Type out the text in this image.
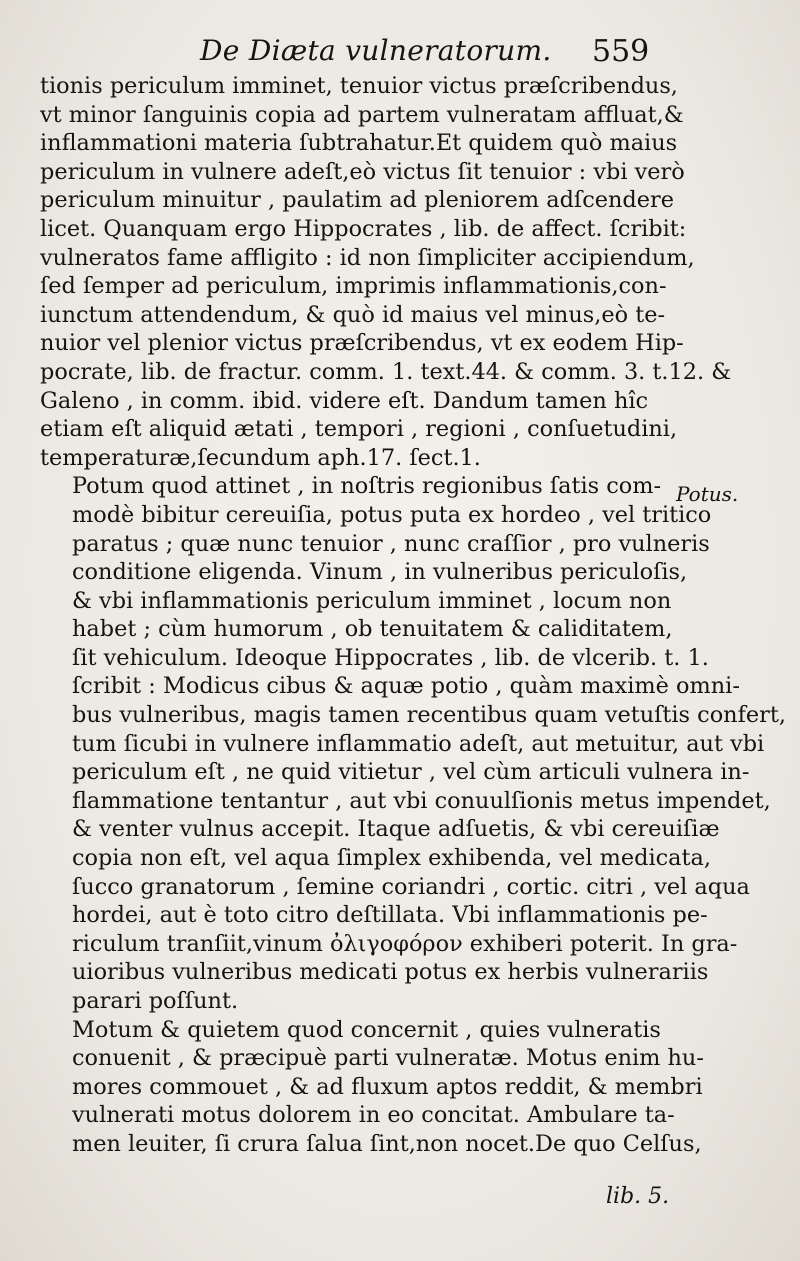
De Diæta vulneratorum. 559
Potus.

tionis periculum imminet, tenuior victus præſcribendus,
vt minor ſanguinis copia ad partem vulneratam affluat,&
inflammationi materia ſubtrahatur.Et quidem quò maius
periculum in vulnere adeſt,eò victus ſit tenuior : vbi verò
periculum minuitur , paulatim ad pleniorem adſcendere
licet. Quanquam ergo Hippocrates , lib. de affect. ſcribit:
vulneratos fame affligito : id non ſimpliciter accipiendum,
ſed ſemper ad periculum, imprimis inflammationis,con-
iunctum attendendum, & quò id maius vel minus,eò te-
nuior vel plenior victus præſcribendus, vt ex eodem Hip-
pocrate, lib. de fractur. comm. 1. text.44. & comm. 3. t.12. &
Galeno , in comm. ibid. videre eſt. Dandum tamen hîc
etiam eſt aliquid ætati , tempori , regioni , conſuetudini,
temperaturæ,ſecundum aph.17. ſect.1.

Potum quod attinet , in noſtris regionibus ſatis com-
modè bibitur cereuiſia, potus puta ex hordeo , vel tritico
paratus ; quæ nunc tenuior , nunc craſſior , pro vulneris
conditione eligenda. Vinum , in vulneribus periculoſis,
& vbi inflammationis periculum imminet , locum non
habet ; cùm humorum , ob tenuitatem & caliditatem,
ſit vehiculum. Ideoque Hippocrates , lib. de vlcerib. t. 1.
ſcribit : Modicus cibus & aquæ potio , quàm maximè omni-
bus vulneribus, magis tamen recentibus quam vetuſtis confert,
tum ſicubi in vulnere inflammatio adeſt, aut metuitur, aut vbi
periculum eſt , ne quid vitietur , vel cùm articuli vulnera in-
flammatione tentantur , aut vbi conuulſionis metus impendet,
& venter vulnus accepit. Itaque adſuetis, & vbi cereuiſiæ
copia non eſt, vel aqua ſimplex exhibenda, vel medicata,
ſucco granatorum , ſemine coriandri , cortic. citri , vel aqua
hordei, aut è toto citro deſtillata. Vbi inflammationis pe-
riculum tranſiit,vinum ὀλιγοφόρον exhiberi poterit. In gra-
uioribus vulneribus medicati potus ex herbis vulnerariis
parari poſſunt.

Motum & quietem quod concernit , quies vulneratis
conuenit , & præcipuè parti vulneratæ. Motus enim hu-
mores commouet , & ad fluxum aptos reddit, & membri
vulnerati motus dolorem in eo concitat. Ambulare ta-
men leuiter, ſi crura ſalua ſint,non nocet.De quo Celſus,

lib. 5.
